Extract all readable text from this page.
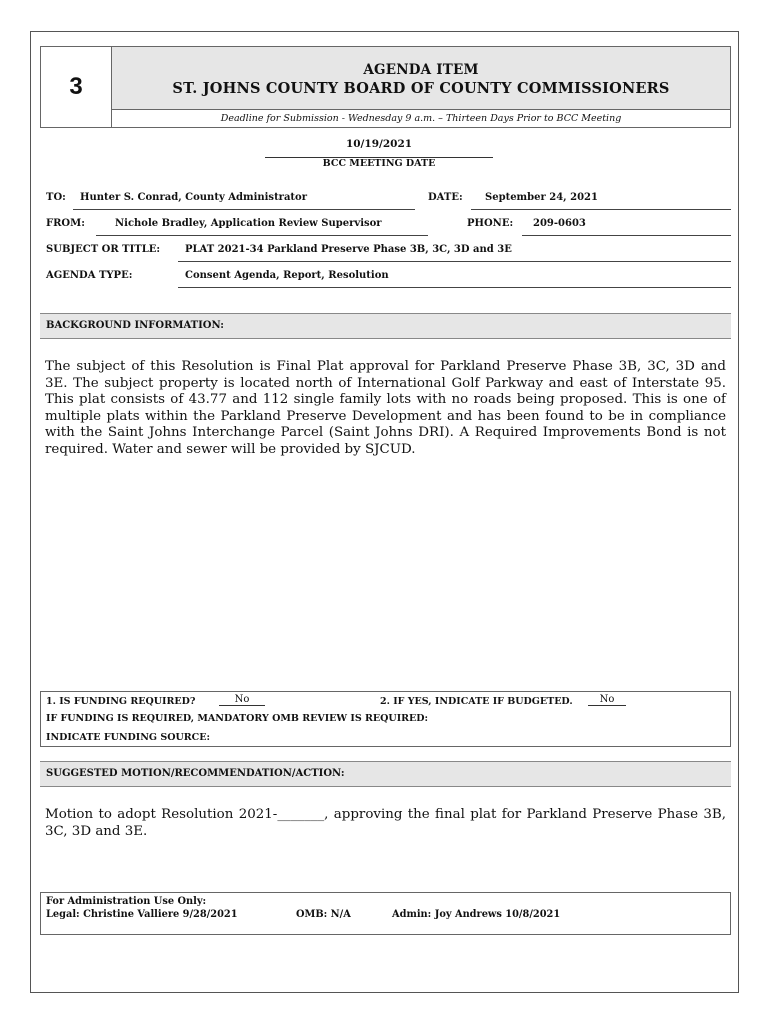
3
AGENDA ITEM
ST. JOHNS COUNTY BOARD OF COUNTY COMMISSIONERS
Deadline for Submission - Wednesday 9 a.m. – Thirteen Days Prior to BCC Meeting
10/19/2021
BCC MEETING DATE
TO: Hunter S. Conrad, County Administrator	DATE: September 24, 2021
FROM:	Nichole Bradley, Application Review Supervisor	PHONE: 209-0603
SUBJECT OR TITLE: PLAT 2021-34 Parkland Preserve Phase 3B, 3C, 3D and 3E
AGENDA TYPE:	Consent Agenda, Report, Resolution
BACKGROUND INFORMATION:
The subject of this Resolution is Final Plat approval for Parkland Preserve Phase 3B, 3C, 3D and 3E. The subject property is located north of International Golf Parkway and east of Interstate 95. This plat consists of 43.77 and 112 single family lots with no roads being proposed. This is one of multiple plats within the Parkland Preserve Development and has been found to be in compliance with the Saint Johns Interchange Parcel (Saint Johns DRI). A Required Improvements Bond is not required. Water and sewer will be provided by SJCUD.
1. IS FUNDING REQUIRED?	No	2. IF YES, INDICATE IF BUDGETED.	No
IF FUNDING IS REQUIRED, MANDATORY OMB REVIEW IS REQUIRED:
INDICATE FUNDING SOURCE:
SUGGESTED MOTION/RECOMMENDATION/ACTION:
Motion to adopt Resolution 2021-_______, approving the final plat for Parkland Preserve Phase 3B, 3C, 3D and 3E.
For Administration Use Only:
Legal: Christine Valliere 9/28/2021	OMB: N/A	Admin: Joy Andrews 10/8/2021
